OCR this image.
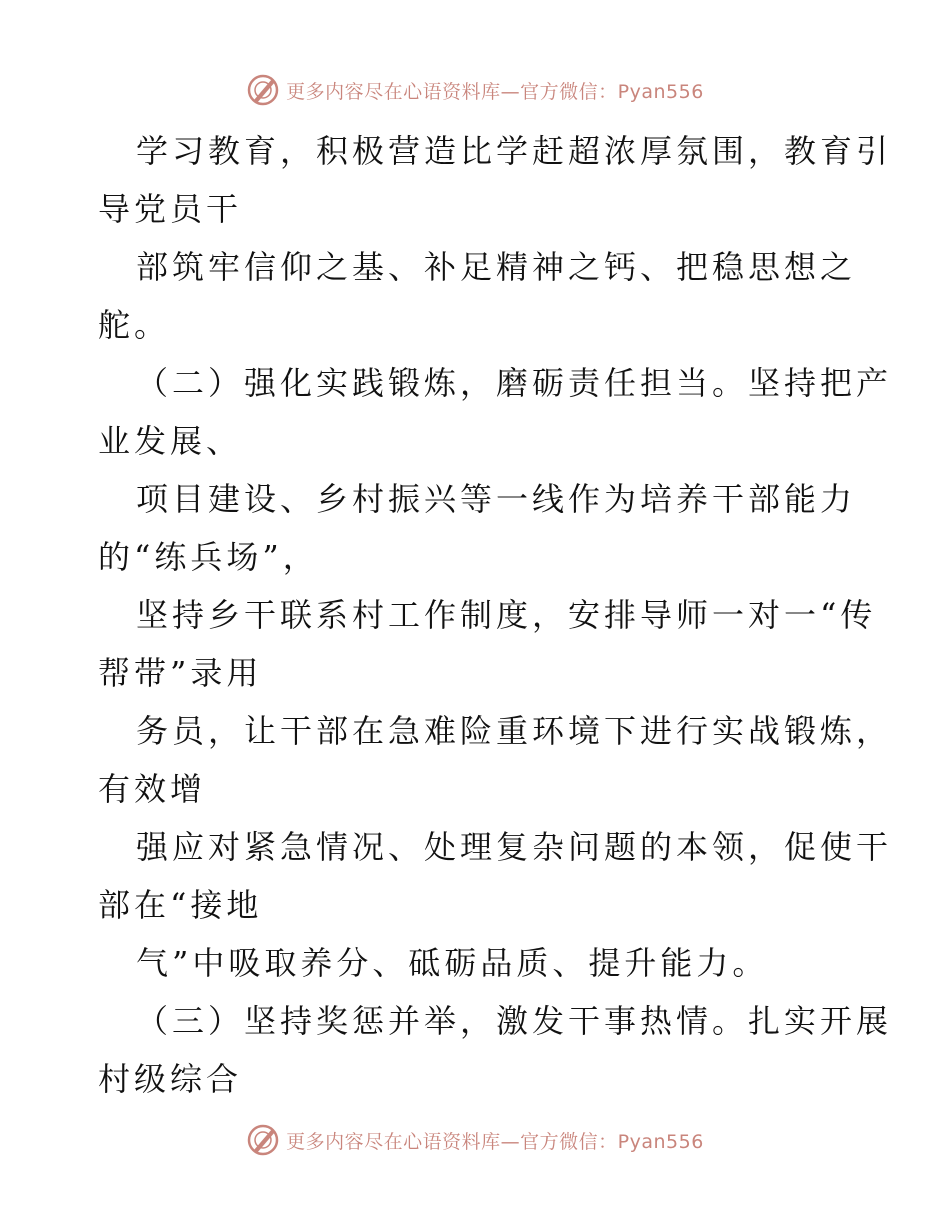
更多内容尽在心语资料库—官方微信：Pyan556
学习教育，积极营造比学赶超浓厚氛围，教育引
导党员干
部筑牢信仰之基、补足精神之钙、把稳思想之
舵。
（二）强化实践锻炼，磨砺责任担当。坚持把产
业发展、
项目建设、乡村振兴等一线作为培养干部能力
的“练兵场”，
坚持乡干联系村工作制度，安排导师一对一“传
帮带”录用
务员，让干部在急难险重环境下进行实战锻炼，
有效增
强应对紧急情况、处理复杂问题的本领，促使干
部在“接地
气”中吸取养分、砥砺品质、提升能力。
（三）坚持奖惩并举，激发干事热情。扎实开展
村级综合
更多内容尽在心语资料库—官方微信：Pyan556
